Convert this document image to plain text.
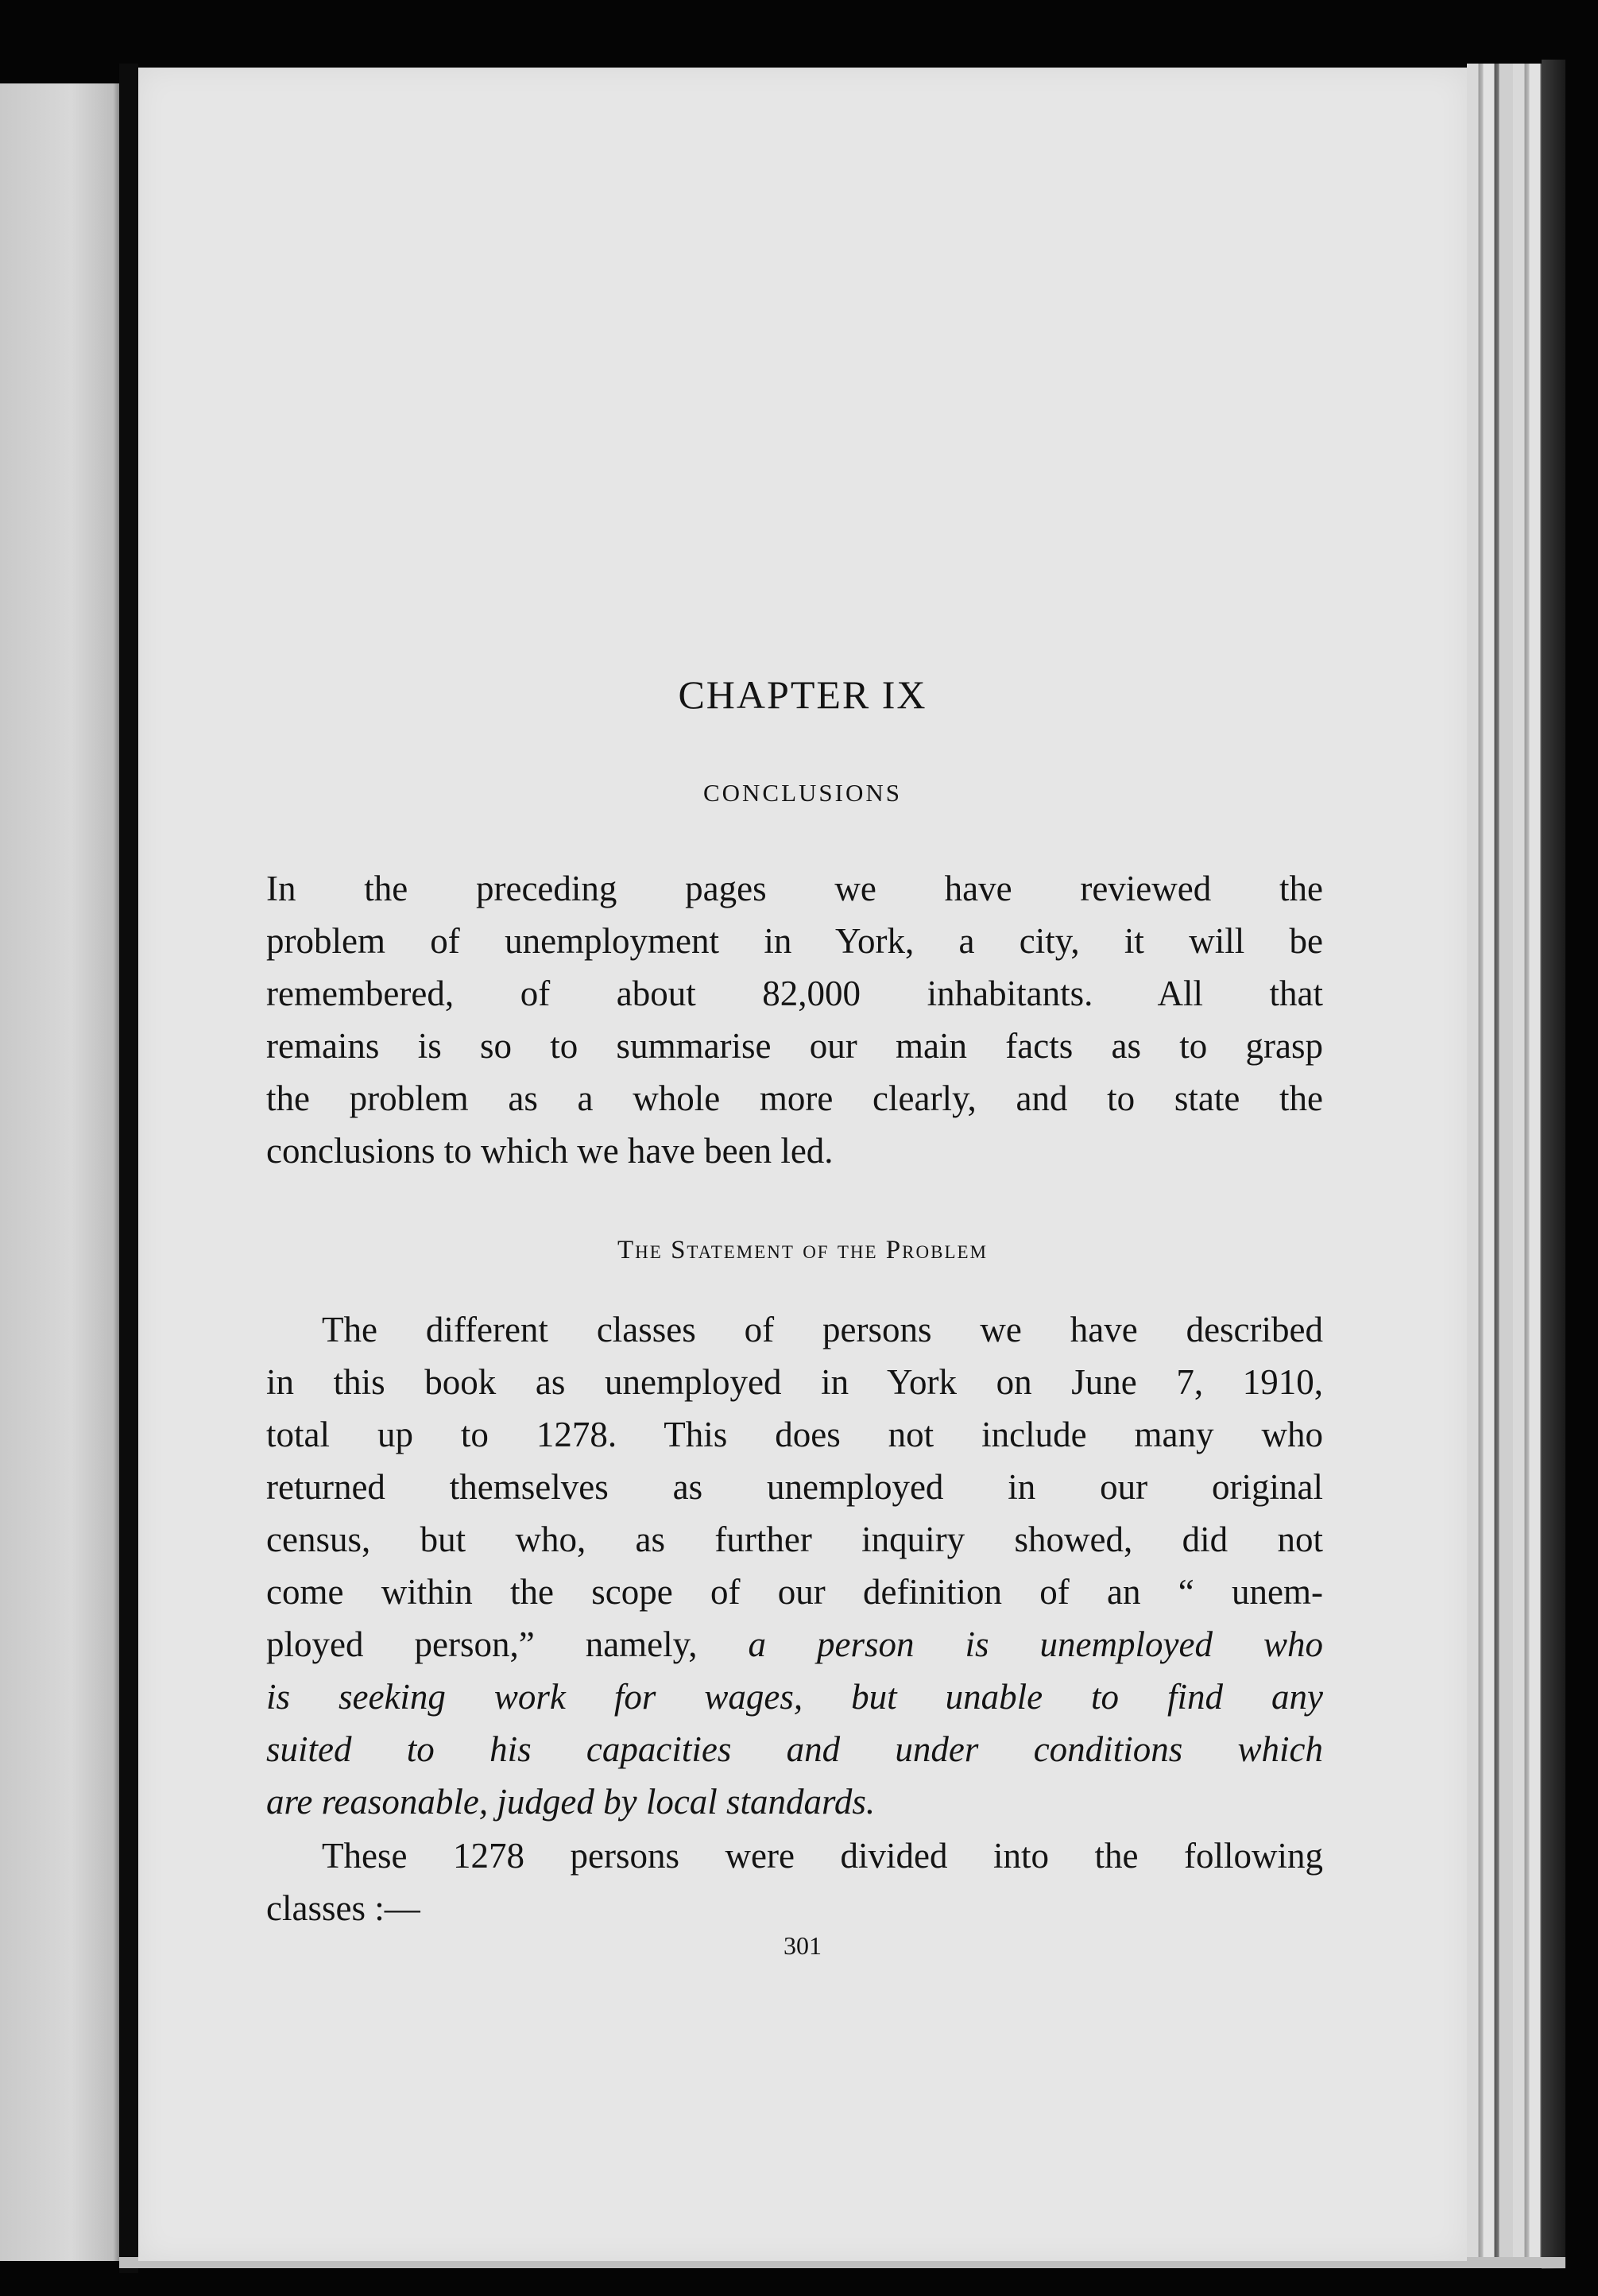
CHAPTER IX
CONCLUSIONS
In the preceding pages we have reviewed the
problem of unemployment in York, a city, it will be
remembered, of about 82,000 inhabitants. All that
remains is so to summarise our main facts as to grasp
the problem as a whole more clearly, and to state the
conclusions to which we have been led.
The Statement of the Problem
The different classes of persons we have described
in this book as unemployed in York on June 7, 1910,
total up to 1278. This does not include many who
returned themselves as unemployed in our original
census, but who, as further inquiry showed, did not
come within the scope of our definition of an “ unem-
ployed person,” namely, a person is unemployed who
is seeking work for wages, but unable to find any
suited to his capacities and under conditions which
are reasonable, judged by local standards.
These 1278 persons were divided into the following
classes :—
301
